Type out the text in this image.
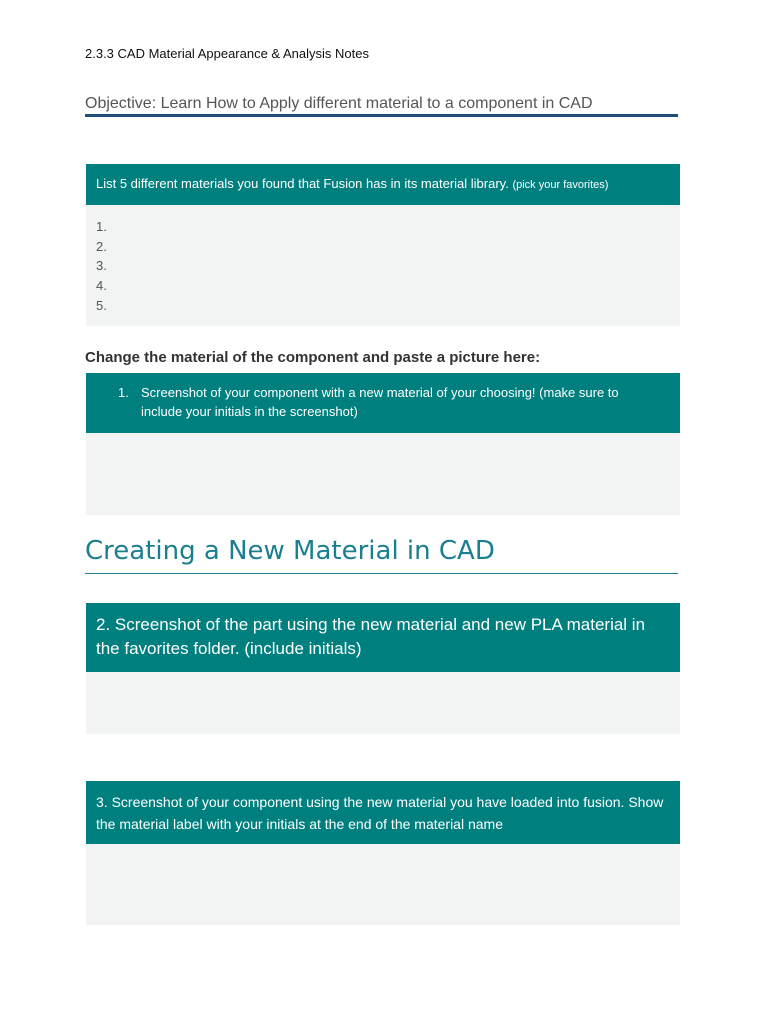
2.3.3 CAD Material Appearance & Analysis Notes
Objective: Learn How to Apply different material to a component in CAD
List 5 different materials you found that Fusion has in its material library. (pick your favorites)
1.
2.
3.
4.
5.
Change the material of the component and paste a picture here:
1. Screenshot of your component with a new material of your choosing! (make sure to include your initials in the screenshot)
Creating a New Material in CAD
2. Screenshot of the part using the new material and new PLA material in the favorites folder. (include initials)
3. Screenshot of your component using the new material you have loaded into fusion. Show the material label with your initials at the end of the material name
